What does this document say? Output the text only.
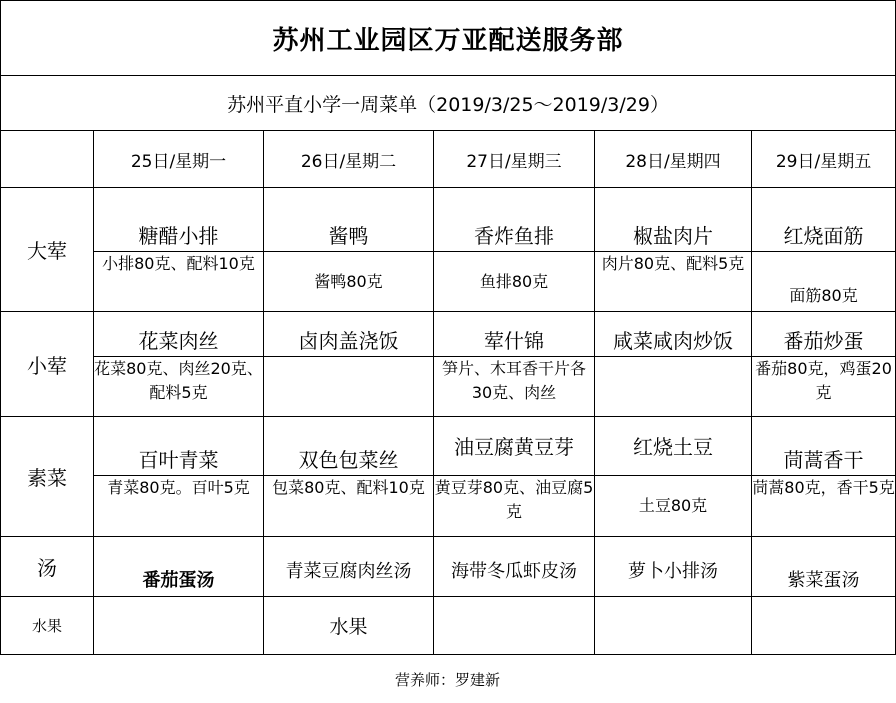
苏州工业园区万亚配送服务部					
苏州平直小学一周菜单（2019/3/25～2019/3/29）					
	25日/星期一	26日/星期二	27日/星期三	28日/星期四	29日/星期五
大荤	糖醋小排	酱鸭	香炸鱼排	椒盐肉片	红烧面筋
	小排80克、配料10克	酱鸭80克	鱼排80克	肉片80克、配料5克	面筋80克
小荤	花菜肉丝	卤肉盖浇饭	荤什锦	咸菜咸肉炒饭	番茄炒蛋
	花菜80克、肉丝20克、配料5克		笋片、木耳香干片各30克、肉丝		番茄80克，鸡蛋20克
素菜	百叶青菜	双色包菜丝	油豆腐黄豆芽	红烧土豆	茼蒿香干
	青菜80克。百叶5克	包菜80克、配料10克	黄豆芽80克、油豆腐5克	土豆80克	茼蒿80克，香干5克
汤	番茄蛋汤	青菜豆腐肉丝汤	海带冬瓜虾皮汤	萝卜小排汤	紫菜蛋汤
水果		水果			
营养师：罗建新
